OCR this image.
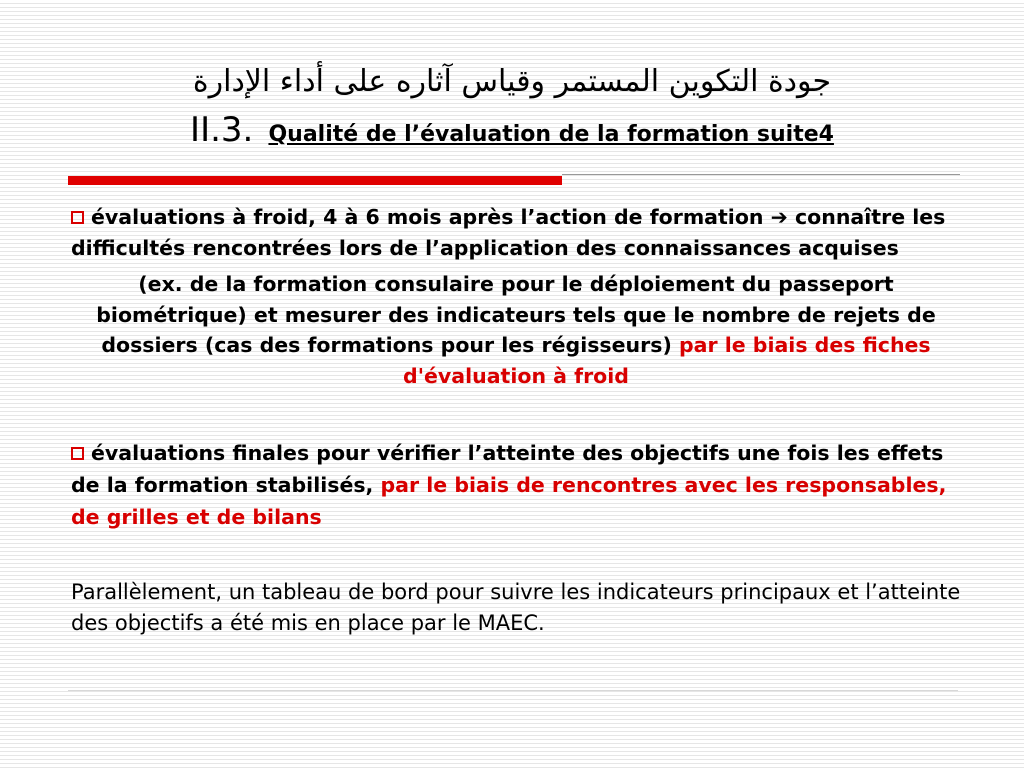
جودة التكوين المستمر وقياس آثاره على أداء الإدارة
II.3. Qualité de l’évaluation de la formation suite4

évaluations à froid, 4 à 6 mois après l’action de formation ➔ connaître les difficultés rencontrées lors de l’application des connaissances acquises

(ex. de la formation consulaire pour le déploiement du passeport biométrique) et mesurer des indicateurs tels que le nombre de rejets de dossiers (cas des formations pour les régisseurs) par le biais des fiches d'évaluation à froid

évaluations finales pour vérifier l’atteinte des objectifs une fois les effets de la formation stabilisés, par le biais de rencontres avec les responsables, de grilles et de bilans

Parallèlement, un tableau de bord pour suivre les indicateurs principaux et l’atteinte des objectifs a été mis en place par le MAEC.
